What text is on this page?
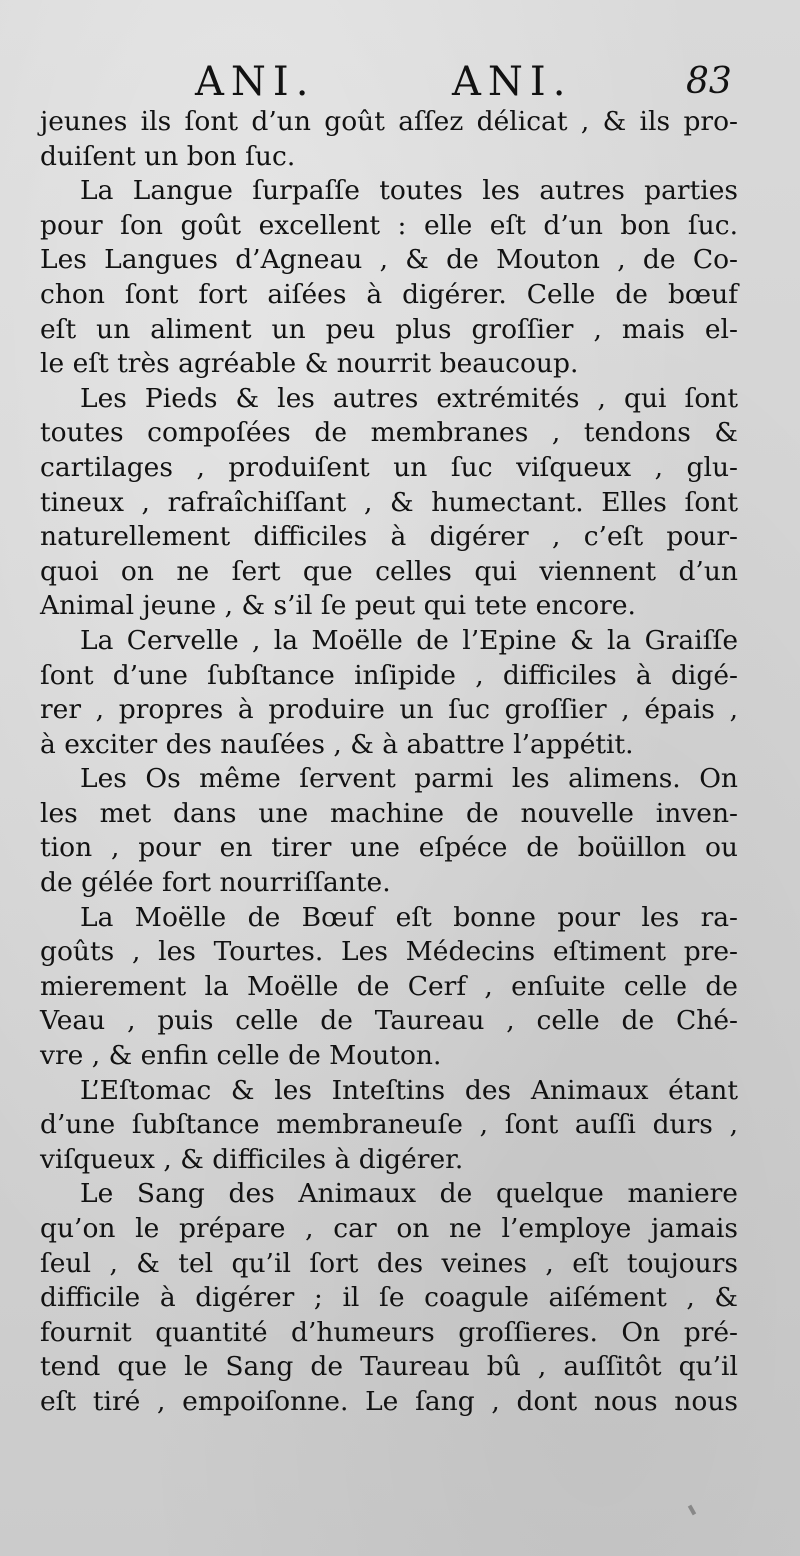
ANI.	ANI.	83
jeunes ils ſont d’un goût aſſez délicat , & ils pro-
duiſent un bon ſuc.
La Langue ſurpaſſe toutes les autres parties
pour ſon goût excellent : elle eſt d’un bon ſuc.
Les Langues d’Agneau , & de Mouton , de Co-
chon ſont fort aiſées à digérer. Celle de bœuf
eſt un aliment un peu plus groſſier , mais el-
le eſt très agréable & nourrit beaucoup.
Les Pieds & les autres extrémités , qui ſont
toutes compoſées de membranes , tendons &
cartilages , produiſent un ſuc viſqueux , glu-
tineux , rafraîchiſſant , & humectant. Elles ſont
naturellement difficiles à digérer , c’eſt pour-
quoi on ne ſert que celles qui viennent d’un
Animal jeune , & s’il ſe peut qui tete encore.
La Cervelle , la Moëlle de l’Epine & la Graiſſe
ſont d’une ſubſtance inſipide , difficiles à digé-
rer , propres à produire un ſuc groſſier , épais ,
à exciter des nauſées , & à abattre l’appétit.
Les Os même ſervent parmi les alimens. On
les met dans une machine de nouvelle inven-
tion , pour en tirer une eſpéce de boüillon ou
de gélée fort nourriſſante.
La Moëlle de Bœuf eſt bonne pour les ra-
goûts , les Tourtes. Les Médecins eſtiment pre-
mierement la Moëlle de Cerf , enſuite celle de
Veau , puis celle de Taureau , celle de Ché-
vre , & enfin celle de Mouton.
L’Eſtomac & les Inteſtins des Animaux étant
d’une ſubſtance membraneuſe , ſont auſſi durs ,
viſqueux , & difficiles à digérer.
Le Sang des Animaux de quelque maniere
qu’on le prépare , car on ne l’employe jamais
ſeul , & tel qu’il ſort des veines , eſt toujours
difficile à digérer ; il ſe coagule aiſément , &
fournit quantité d’humeurs groſſieres. On pré-
tend que le Sang de Taureau bû , auſſitôt qu’il
eſt tiré , empoiſonne. Le ſang , dont nous nous
